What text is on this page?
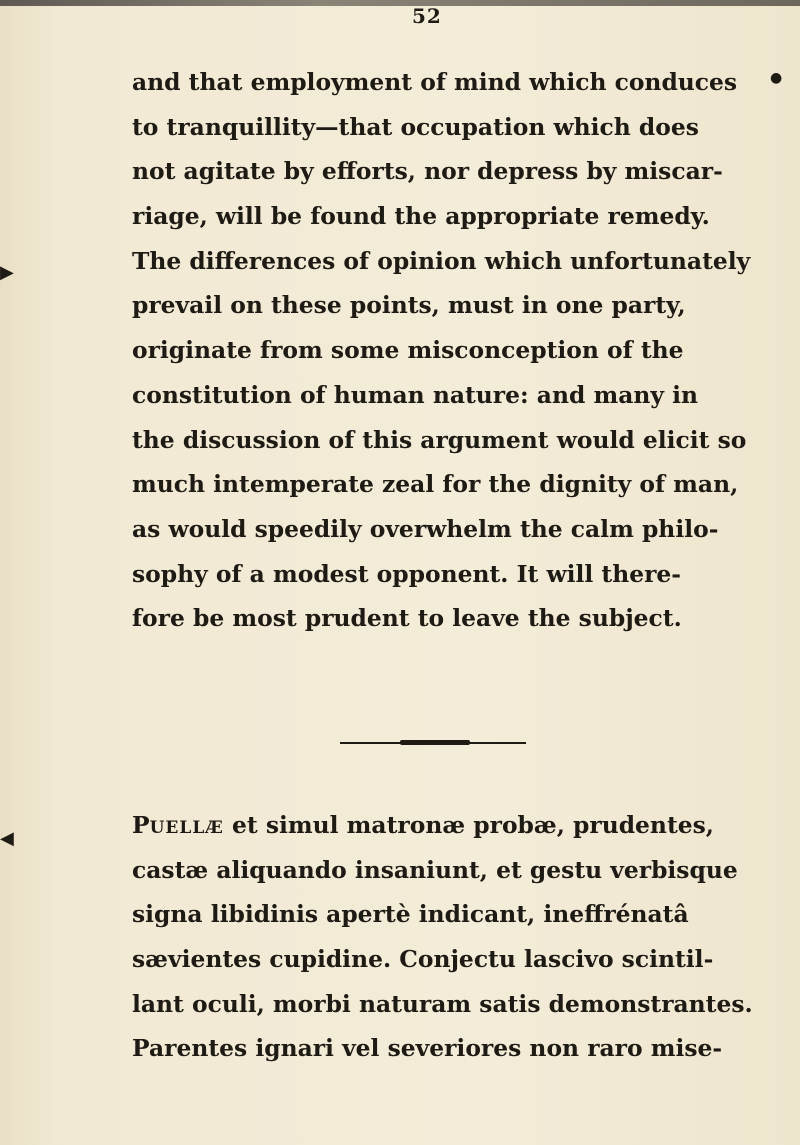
52
●
▶
◀
and that employment of mind which conduces
to tranquillity—that occupation which does
not agitate by efforts, nor depress by miscar-
riage, will be found the appropriate remedy.
The differences of opinion which unfortunately
prevail on these points, must in one party,
originate from some misconception of the
constitution of human nature: and many in
the discussion of this argument would elicit so
much intemperate zeal for the dignity of man,
as would speedily overwhelm the calm philo-
sophy of a modest opponent. It will there-
fore be most prudent to leave the subject.
PUELLÆ et simul matronæ probæ, prudentes,
castæ aliquando insaniunt, et gestu verbisque
signa libidinis apertè indicant, ineffrénatâ
sævientes cupidine. Conjectu lascivo scintil-
lant oculi, morbi naturam satis demonstrantes.
Parentes ignari vel severiores non raro mise-
